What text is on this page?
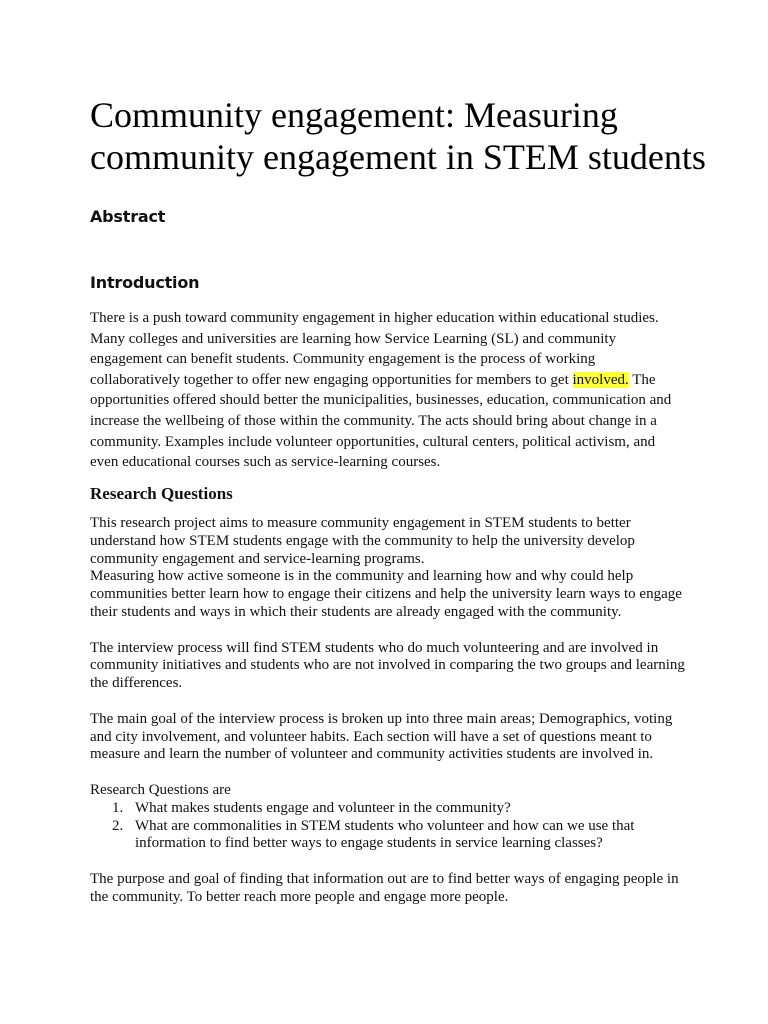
Community engagement: Measuring community engagement in STEM students
Abstract
Introduction

There is a push toward community engagement in higher education within educational studies. Many colleges and universities are learning how Service Learning (SL) and community engagement can benefit students. Community engagement is the process of working collaboratively together to offer new engaging opportunities for members to get involved. The opportunities offered should better the municipalities, businesses, education, communication and increase the wellbeing of those within the community. The acts should bring about change in a community. Examples include volunteer opportunities, cultural centers, political activism, and even educational courses such as service-learning courses.

Research Questions

This research project aims to measure community engagement in STEM students to better understand how STEM students engage with the community to help the university develop community engagement and service-learning programs.

Measuring how active someone is in the community and learning how and why could help communities better learn how to engage their citizens and help the university learn ways to engage their students and ways in which their students are already engaged with the community.

The interview process will find STEM students who do much volunteering and are involved in community initiatives and students who are not involved in comparing the two groups and learning the differences.

The main goal of the interview process is broken up into three main areas; Demographics, voting and city involvement, and volunteer habits. Each section will have a set of questions meant to measure and learn the number of volunteer and community activities students are involved in.

Research Questions are

1. What makes students engage and volunteer in the community?
2. What are commonalities in STEM students who volunteer and how can we use that information to find better ways to engage students in service learning classes?

The purpose and goal of finding that information out are to find better ways of engaging people in the community. To better reach more people and engage more people.
